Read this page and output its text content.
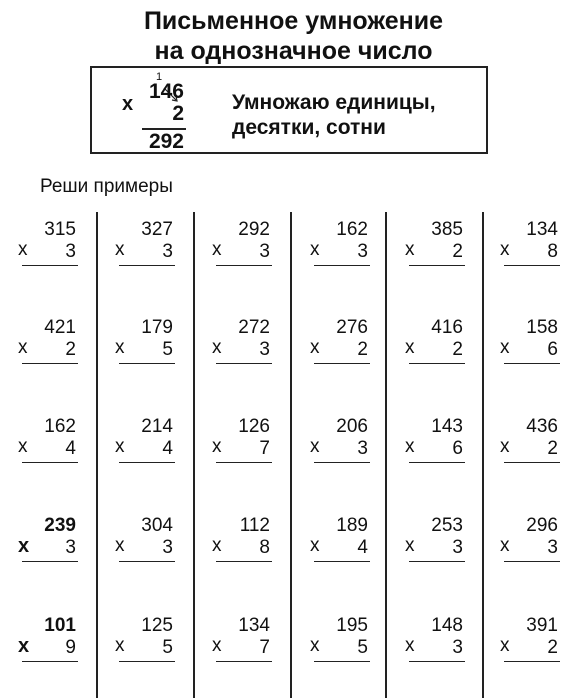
Письменное умножение
на однозначное число
x
1
146
2
292
Умножаю единицы,
десятки, сотни
Реши примеры
x
315
3 x
327
3 x
292
3 x
162
3 x
385
2 x
134
8
x
421
2 x
179
5 x
272
3 x
276
2 x
416
2 x
158
6
x
162
4 x
214
4 x
126
7 x
206
3 x
143
6 x
436
2
x
239
3 x
304
3 x
112
8 x
189
4 x
253
3 x
296
3
x
101
9 x
125
5 x
134
7 x
195
5 x
148
3 x
391
2
